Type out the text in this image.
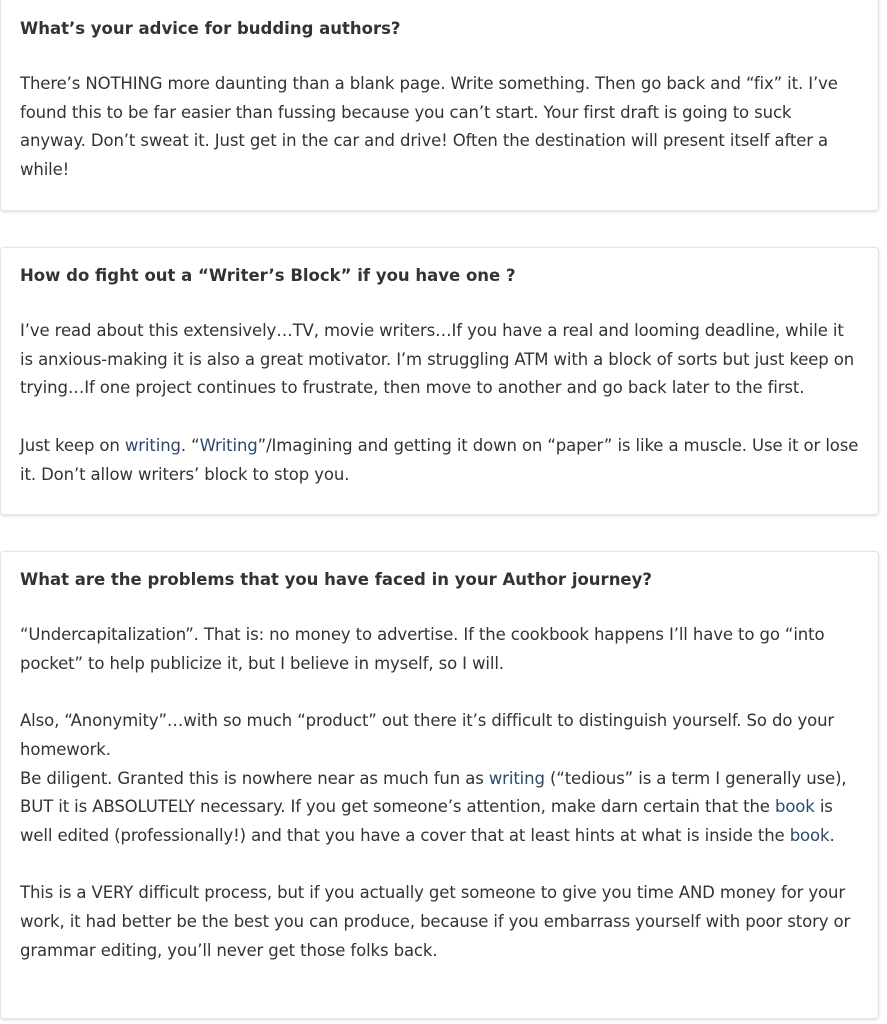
What’s your advice for budding authors?

There’s NOTHING more daunting than a blank page. Write something. Then go back and “fix” it. I’ve found this to be far easier than fussing because you can’t start. Your first draft is going to suck anyway. Don’t sweat it. Just get in the car and drive! Often the destination will present itself after a while!

How do fight out a “Writer’s Block” if you have one ?

I’ve read about this extensively…TV, movie writers…If you have a real and looming deadline, while it is anxious-making it is also a great motivator. I’m struggling ATM with a block of sorts but just keep on trying…If one project continues to frustrate, then move to another and go back later to the first.

Just keep on writing. “Writing”/Imagining and getting it down on “paper” is like a muscle. Use it or lose it. Don’t allow writers’ block to stop you.

What are the problems that you have faced in your Author journey?

“Undercapitalization”. That is: no money to advertise. If the cookbook happens I’ll have to go “into pocket” to help publicize it, but I believe in myself, so I will.

Also, “Anonymity”…with so much “product” out there it’s difficult to distinguish yourself. So do your homework.

Be diligent. Granted this is nowhere near as much fun as writing (“tedious” is a term I generally use), BUT it is ABSOLUTELY necessary. If you get someone’s attention, make darn certain that the book is well edited (professionally!) and that you have a cover that at least hints at what is inside the book.

This is a VERY difficult process, but if you actually get someone to give you time AND money for your work, it had better be the best you can produce, because if you embarrass yourself with poor story or grammar editing, you’ll never get those folks back.
